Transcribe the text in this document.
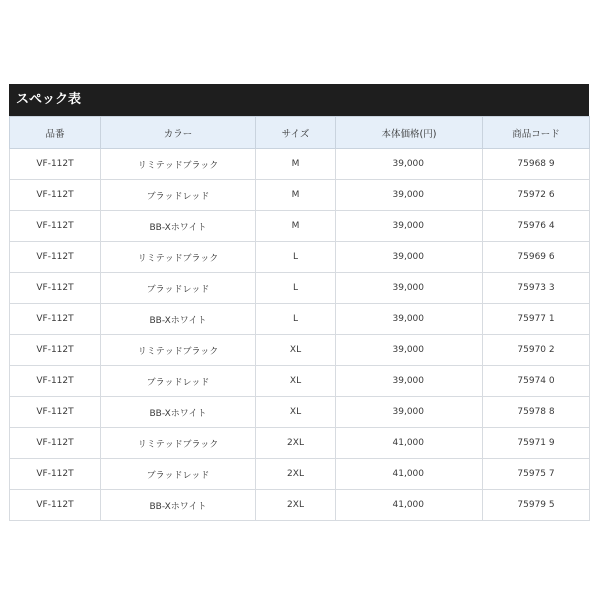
スペック表
品番	カラー	サイズ	本体価格(円)	商品コード
VF-112T	リミテッドブラック	M	39,000	75968 9
VF-112T	ブラッドレッド	M	39,000	75972 6
VF-112T	BB-Xホワイト	M	39,000	75976 4
VF-112T	リミテッドブラック	L	39,000	75969 6
VF-112T	ブラッドレッド	L	39,000	75973 3
VF-112T	BB-Xホワイト	L	39,000	75977 1
VF-112T	リミテッドブラック	XL	39,000	75970 2
VF-112T	ブラッドレッド	XL	39,000	75974 0
VF-112T	BB-Xホワイト	XL	39,000	75978 8
VF-112T	リミテッドブラック	2XL	41,000	75971 9
VF-112T	ブラッドレッド	2XL	41,000	75975 7
VF-112T	BB-Xホワイト	2XL	41,000	75979 5
